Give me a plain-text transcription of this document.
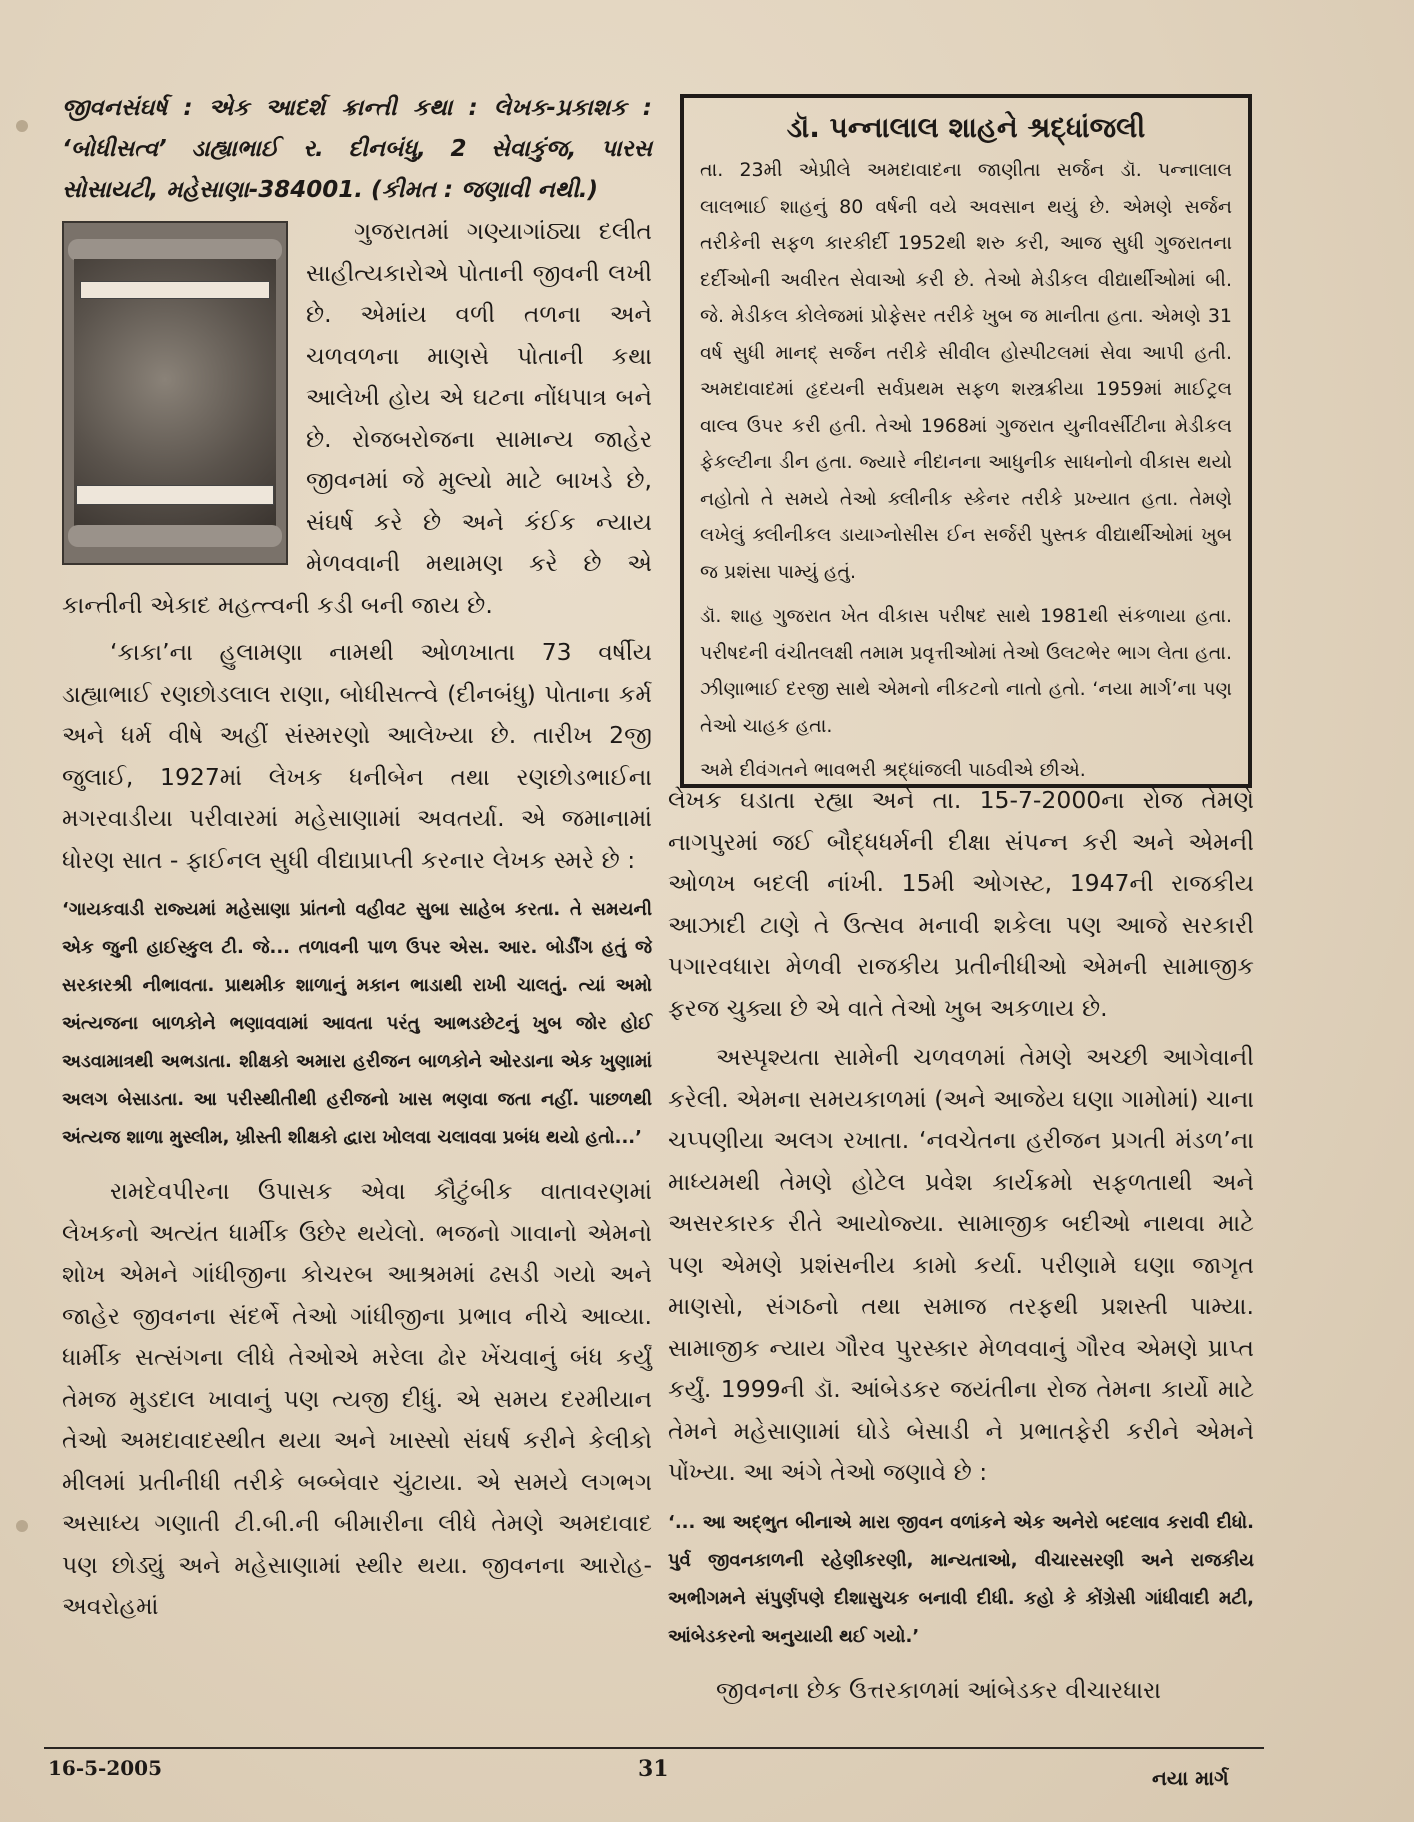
જીવનસંઘર્ષ : એક આદર્શ ક્રાન્તી કથા : લેખક-પ્રકાશક : ‘બોધીસત્વ’ ડાહ્યાભાઈ ર. દીનબંધુ, 2 સેવાકુંજ, પારસ સોસાયટી, મહેસાણા-384001. (કીમત : જણાવી નથી.)

ગુજરાતમાં ગણ્યાગાંઠ્યા દલીત સાહીત્યકારોએ પોતાની જીવની લખી છે. એમાંય વળી તળના અને ચળવળના માણસે પોતાની કથા આલેખી હોય એ ઘટના નોંધપાત્ર બને છે. રોજબરોજના સામાન્ય જાહેર જીવનમાં જે મુલ્યો માટે બાખડે છે, સંઘર્ષ કરે છે અને કંઈક ન્યાય મેળવવાની મથામણ કરે છે એ કાન્તીની એકાદ મહત્ત્વની કડી બની જાય છે.

‘કાકા’ના હુલામણા નામથી ઓળખાતા 73 વર્ષીય ડાહ્યાભાઈ રણછોડલાલ રાણા, બોધીસત્ત્વે (દીનબંધુ) પોતાના કર્મ અને ધર્મ વીષે અહીં સંસ્મરણો આલેખ્યા છે. તારીખ 2જી જુલાઈ, 1927માં લેખક ધનીબેન તથા રણછોડભાઈના મગરવાડીયા પરીવારમાં મહેસાણામાં અવતર્યા. એ જમાનામાં ધોરણ સાત - ફાઈનલ સુધી વીદ્યાપ્રાપ્તી કરનાર લેખક સ્મરે છે :

‘ગાયકવાડી રાજ્યમાં મહેસાણા પ્રાંતનો વહીવટ સુબા સાહેબ કરતા. તે સમયની એક જુની હાઈસ્કુલ ટી. જે... તળાવની પાળ ઉપર એસ. આર. બોર્ડીંગ હતું જે સરકારશ્રી નીભાવતા. પ્રાથમીક શાળાનું મકાન ભાડાથી રાખી ચાલતું. ત્યાં અમો અંત્યજના બાળકોને ભણાવવામાં આવતા પરંતુ આભડછેટનું ખુબ જોર હોઈ અડવામાત્રથી અભડાતા. શીક્ષકો અમારા હરીજન બાળકોને ઓરડાના એક ખુણામાં અલગ બેસાડતા. આ પરીસ્થીતીથી હરીજનો ખાસ ભણવા જતા નહીં. પાછળથી અંત્યજ શાળા મુસ્લીમ, ખ્રીસ્તી શીક્ષકો દ્વારા ખોલવા ચલાવવા પ્રબંધ થયો હતો...’

રામદેવપીરના ઉપાસક એવા કૌટુંબીક વાતાવરણમાં લેખકનો અત્યંત ધાર્મીક ઉછેર થયેલો. ભજનો ગાવાનો એમનો શોખ એમને ગાંધીજીના કોચરબ આશ્રમમાં ઢસડી ગયો અને જાહેર જીવનના સંદર્ભે તેઓ ગાંધીજીના પ્રભાવ નીચે આવ્યા. ધાર્મીક સત્સંગના લીધે તેઓએ મરેલા ઢોર ખેંચવાનું બંધ કર્યું તેમજ મુડદાલ ખાવાનું પણ ત્યજી દીધું. એ સમય દરમીયાન તેઓ અમદાવાદસ્થીત થયા અને ખાસ્સો સંઘર્ષ કરીને કેલીકો મીલમાં પ્રતીનીધી તરીકે બબ્બેવાર ચુંટાયા. એ સમયે લગભગ અસાધ્ય ગણાતી ટી.બી.ની બીમારીના લીધે તેમણે અમદાવાદ પણ છોડ્યું અને મહેસાણામાં સ્થીર થયા. જીવનના આરોહ-અવરોહમાં

ડૉ. પન્નાલાલ શાહને શ્રદ્ધાંજલી

તા. 23મી એપ્રીલે અમદાવાદના જાણીતા સર્જન ડૉ. પન્નાલાલ લાલભાઈ શાહનું 80 વર્ષની વયે અવસાન થયું છે. એમણે સર્જન તરીકેની સફળ કારકીર્દી 1952થી શરુ કરી, આજ સુધી ગુજરાતના દર્દીઓની અવીરત સેવાઓ કરી છે. તેઓ મેડીકલ વીદ્યાર્થીઓમાં બી. જે. મેડીકલ કોલેજમાં પ્રોફેસર તરીકે ખુબ જ માનીતા હતા. એમણે 31 વર્ષ સુધી માનદ્ સર્જન તરીકે સીવીલ હોસ્પીટલમાં સેવા આપી હતી. અમદાવાદમાં હૃદયની સર્વપ્રથમ સફળ શસ્ત્રક્રીયા 1959માં માઈટ્રલ વાલ્વ ઉપર કરી હતી. તેઓ 1968માં ગુજરાત યુનીવર્સીટીના મેડીકલ ફેકલ્ટીના ડીન હતા. જ્યારે નીદાનના આધુનીક સાધનોનો વીકાસ થયો નહોતો તે સમયે તેઓ ક્લીનીક સ્કેનર તરીકે પ્રખ્યાત હતા. તેમણે લખેલું ક્લીનીકલ ડાયાગ્નોસીસ ઈન સર્જરી પુસ્તક વીદ્યાર્થીઓમાં ખુબ જ પ્રશંસા પામ્યું હતું.

ડૉ. શાહ ગુજરાત ખેત વીકાસ પરીષદ સાથે 1981થી સંકળાયા હતા. પરીષદની વંચીતલક્ષી તમામ પ્રવૃત્તીઓમાં તેઓ ઉલટભેર ભાગ લેતા હતા. ઝીણાભાઈ દરજી સાથે એમનો નીકટનો નાતો હતો. ‘નયા માર્ગ’ના પણ તેઓ ચાહક હતા.

અમે દીવંગતને ભાવભરી શ્રદ્ધાંજલી પાઠવીએ છીએ.

લેખક ઘડાતા રહ્યા અને તા. 15-7-2000ના રોજ તેમણે નાગપુરમાં જઈ બૌદ્ધધર્મની દીક્ષા સંપન્ન કરી અને એમની ઓળખ બદલી નાંખી. 15મી ઓગસ્ટ, 1947ની રાજકીય આઝાદી ટાણે તે ઉત્સવ મનાવી શકેલા પણ આજે સરકારી પગારવધારા મેળવી રાજકીય પ્રતીનીધીઓ એમની સામાજીક ફરજ ચુક્યા છે એ વાતે તેઓ ખુબ અકળાય છે.

અસ્પૃશ્યતા સામેની ચળવળમાં તેમણે અચ્છી આગેવાની કરેલી. એમના સમયકાળમાં (અને આજેય ઘણા ગામોમાં) ચાના ચપ્પણીયા અલગ રખાતા. ‘નવચેતના હરીજન પ્રગતી મંડળ’ના માધ્યમથી તેમણે હોટેલ પ્રવેશ કાર્યક્રમો સફળતાથી અને અસરકારક રીતે આયોજ્યા. સામાજીક બદીઓ નાથવા માટે પણ એમણે પ્રશંસનીય કામો કર્યા. પરીણામે ઘણા જાગૃત માણસો, સંગઠનો તથા સમાજ તરફથી પ્રશસ્તી પામ્યા. સામાજીક ન્યાય ગૌરવ પુરસ્કાર મેળવવાનું ગૌરવ એમણે પ્રાપ્ત કર્યું. 1999ની ડૉ. આંબેડકર જયંતીના રોજ તેમના કાર્યો માટે તેમને મહેસાણામાં ઘોડે બેસાડી ને પ્રભાતફેરી કરીને એમને પોંખ્યા. આ અંગે તેઓ જણાવે છે :

‘... આ અદ્ભુત બીનાએ મારા જીવન વળાંકને એક અનેરો બદલાવ કરાવી દીધો. પુર્વ જીવનકાળની રહેણીકરણી, માન્યતાઓ, વીચારસરણી અને રાજકીય અભીગમને સંપુર્ણપણે દીશાસુચક બનાવી દીધી. કહો કે કોંગ્રેસી ગાંધીવાદી મટી, આંબેડકરનો અનુયાયી થઈ ગયો.’

જીવનના છેક ઉત્તરકાળમાં આંબેડકર વીચારધારા

16-5-2005	31	નયા માર્ગ
